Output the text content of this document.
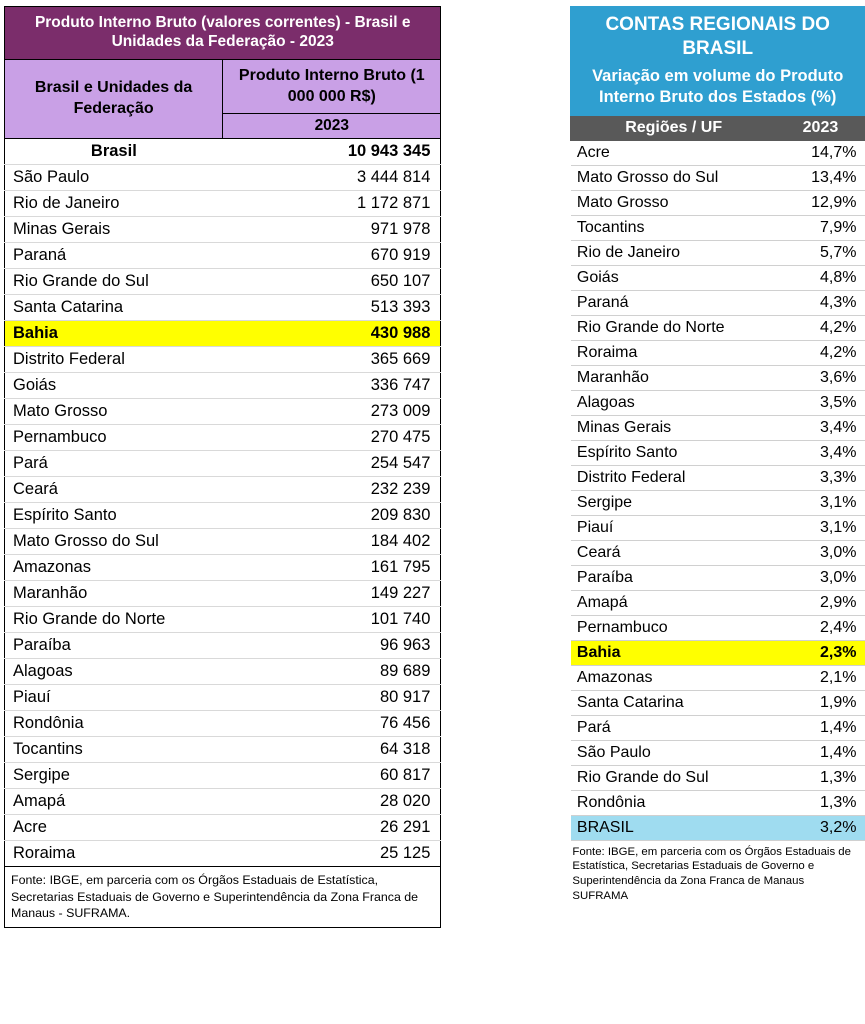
Produto Interno Bruto (valores correntes) - Brasil e Unidades da Federação - 2023	
Brasil e Unidades da Federação	Produto Interno Bruto (1 000 000 R$)
	2023
Brasil	10 943 345
São Paulo	3 444 814
Rio de Janeiro	1 172 871
Minas Gerais	971 978
Paraná	670 919
Rio Grande do Sul	650 107
Santa Catarina	513 393
Bahia	430 988
Distrito Federal	365 669
Goiás	336 747
Mato Grosso	273 009
Pernambuco	270 475
Pará	254 547
Ceará	232 239
Espírito Santo	209 830
Mato Grosso do Sul	184 402
Amazonas	161 795
Maranhão	149 227
Rio Grande do Norte	101 740
Paraíba	96 963
Alagoas	89 689
Piauí	80 917
Rondônia	76 456
Tocantins	64 318
Sergipe	60 817
Amapá	28 020
Acre	26 291
Roraima	25 125
Fonte: IBGE, em parceria com os Órgãos Estaduais de Estatística, Secretarias Estaduais de Governo e Superintendência da Zona Franca de Manaus - SUFRAMA.
CONTAS REGIONAIS DO BRASIL	
Variação em volume do Produto Interno Bruto dos Estados (%)	
Regiões / UF	2023
Acre	14,7%
Mato Grosso do Sul	13,4%
Mato Grosso	12,9%
Tocantins	7,9%
Rio de Janeiro	5,7%
Goiás	4,8%
Paraná	4,3%
Rio Grande do Norte	4,2%
Roraima	4,2%
Maranhão	3,6%
Alagoas	3,5%
Minas Gerais	3,4%
Espírito Santo	3,4%
Distrito Federal	3,3%
Sergipe	3,1%
Piauí	3,1%
Ceará	3,0%
Paraíba	3,0%
Amapá	2,9%
Pernambuco	2,4%
Bahia	2,3%
Amazonas	2,1%
Santa Catarina	1,9%
Pará	1,4%
São Paulo	1,4%
Rio Grande do Sul	1,3%
Rondônia	1,3%
BRASIL	3,2%
Fonte: IBGE, em parceria com os Órgãos Estaduais de Estatística, Secretarias Estaduais de Governo e Superintendência da Zona Franca de Manaus SUFRAMA
